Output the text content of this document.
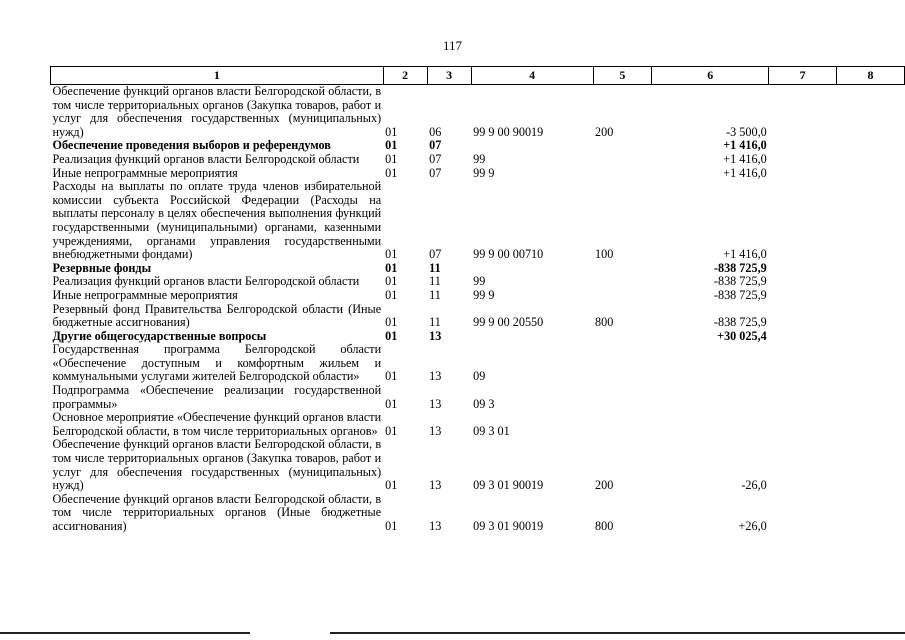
117
1	2	3	4	5	6	7	8
Обеспечение функций органов власти Белгородской области, в том числе территориальных органов (Закупка товаров, работ и услуг для обеспечения государственных (муниципальных) нужд)	01	06	99 9 00 90019	200	-3 500,0		
Обеспечение проведения выборов и референдумов	01	07			+1 416,0		
Реализация функций органов власти Белгородской области	01	07	99		+1 416,0		
Иные непрограммные мероприятия	01	07	99 9		+1 416,0		
Расходы на выплаты по оплате труда членов избирательной комиссии субъекта Российской Федерации (Расходы на выплаты персоналу в целях обеспечения выполнения функций государственными (муниципальными) органами, казенными учреждениями, органами управления государственными внебюджетными фондами)	01	07	99 9 00 00710	100	+1 416,0		
Резервные фонды	01	11			-838 725,9		
Реализация функций органов власти Белгородской области	01	11	99		-838 725,9		
Иные непрограммные мероприятия	01	11	99 9		-838 725,9		
Резервный фонд Правительства Белгородской области (Иные бюджетные ассигнования)	01	11	99 9 00 20550	800	-838 725,9		
Другие общегосударственные вопросы	01	13			+30 025,4		
Государственная программа Белгородской области «Обеспечение доступным и комфортным жильем и коммунальными услугами жителей Белгородской области»	01	13	09				
Подпрограмма «Обеспечение реализации государственной программы»	01	13	09 3				
Основное мероприятие «Обеспечение функций органов власти Белгородской области, в том числе территориальных органов»	01	13	09 3 01				
Обеспечение функций органов власти Белгородской области, в том числе территориальных органов (Закупка товаров, работ и услуг для обеспечения государственных (муниципальных) нужд)	01	13	09 3 01 90019	200	-26,0		
Обеспечение функций органов власти Белгородской области, в том числе территориальных органов (Иные бюджетные ассигнования)	01	13	09 3 01 90019	800	+26,0		
